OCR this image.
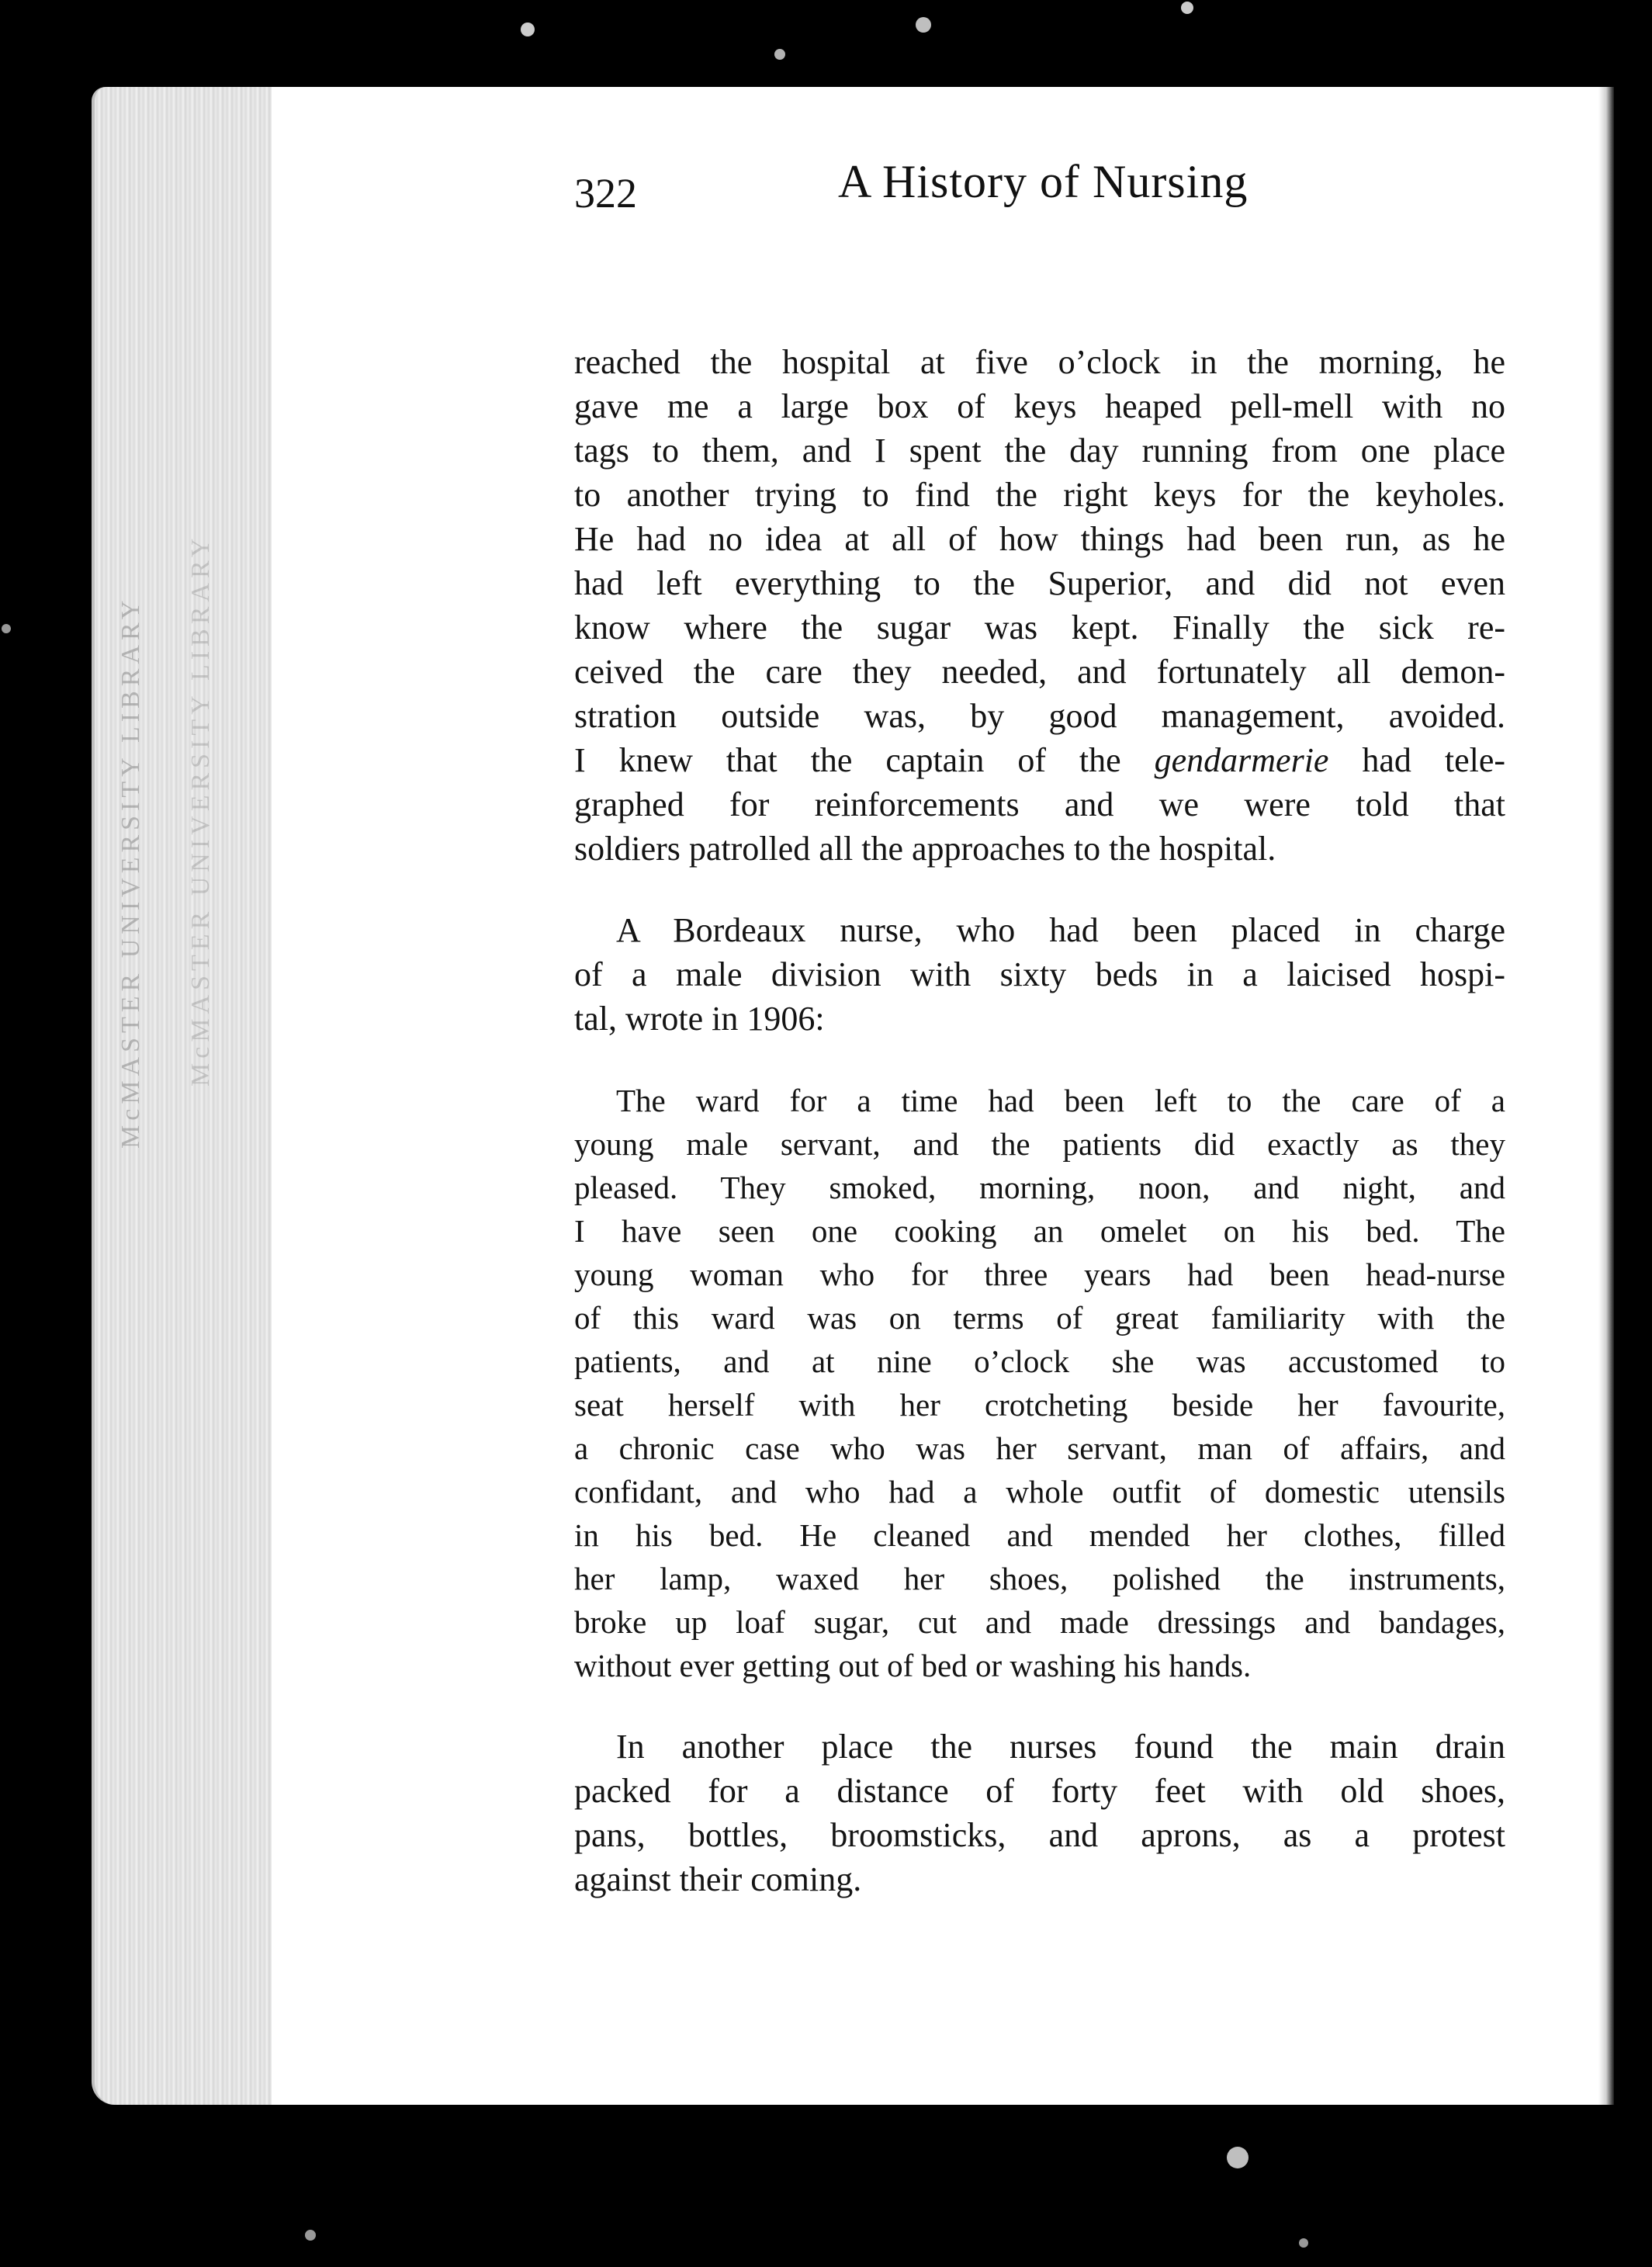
McMASTER UNIVERSITY LIBRARY McMASTER UNIVERSITY LIBRARY
322	A History of Nursing
reached the hospital at five o’clock in the morning, he
gave me a large box of keys heaped pell-mell with no
tags to them, and I spent the day running from one place
to another trying to find the right keys for the keyholes.
He had no idea at all of how things had been run, as he
had left everything to the Superior, and did not even
know where the sugar was kept. Finally the sick re-
ceived the care they needed, and fortunately all demon-
stration outside was, by good management, avoided.
I knew that the captain of the gendarmerie had tele-
graphed for reinforcements and we were told that
soldiers patrolled all the approaches to the hospital.
A Bordeaux nurse, who had been placed in charge
of a male division with sixty beds in a laicised hospi-
tal, wrote in 1906:
The ward for a time had been left to the care of a
young male servant, and the patients did exactly as they
pleased. They smoked, morning, noon, and night, and
I have seen one cooking an omelet on his bed. The
young woman who for three years had been head-nurse
of this ward was on terms of great familiarity with the
patients, and at nine o’clock she was accustomed to
seat herself with her crotcheting beside her favourite,
a chronic case who was her servant, man of affairs, and
confidant, and who had a whole outfit of domestic utensils
in his bed. He cleaned and mended her clothes, filled
her lamp, waxed her shoes, polished the instruments,
broke up loaf sugar, cut and made dressings and bandages,
without ever getting out of bed or washing his hands.
In another place the nurses found the main drain
packed for a distance of forty feet with old shoes,
pans, bottles, broomsticks, and aprons, as a protest
against their coming.
